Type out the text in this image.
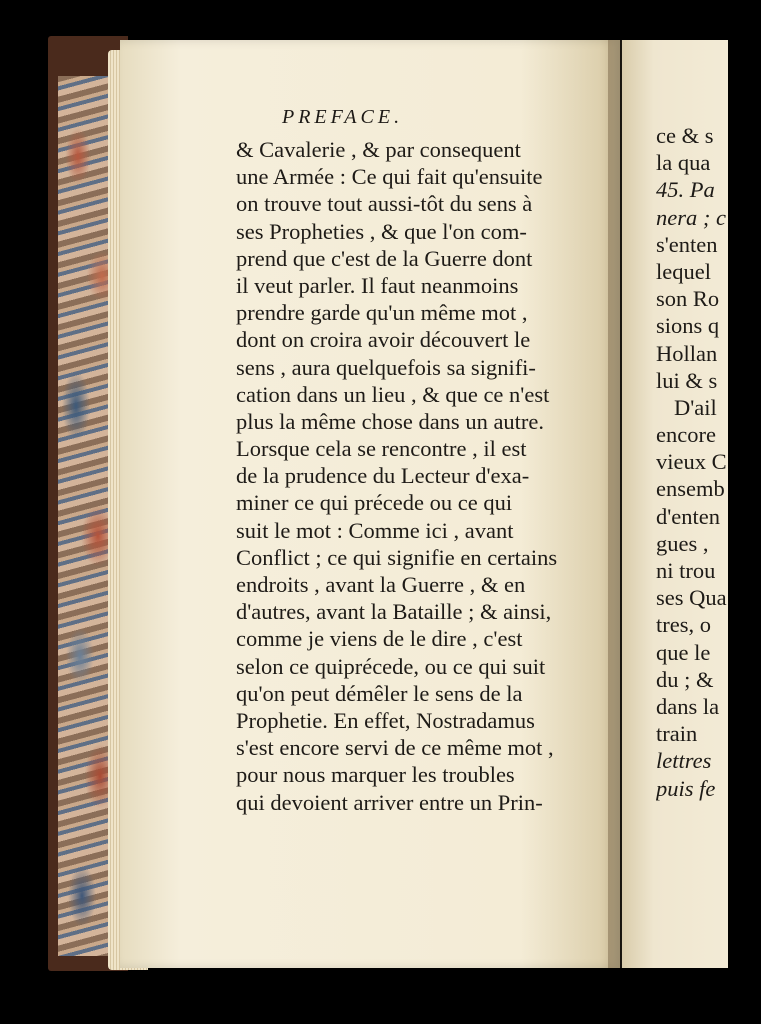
PREFACE.
& Cavalerie , & par consequent
une Armée : Ce qui fait qu'ensuite
on trouve tout aussi-tôt du sens à
ses Propheties , & que l'on com-
prend que c'est de la Guerre dont
il veut parler. Il faut neanmoins
prendre garde qu'un même mot ,
dont on croira avoir découvert le
sens , aura quelquefois sa signifi-
cation dans un lieu , & que ce n'est
plus la même chose dans un autre.
Lorsque cela se rencontre , il est
de la prudence du Lecteur d'exa-
miner ce qui précede ou ce qui
suit le mot : Comme ici , avant
Conflict ; ce qui signifie en certains
endroits , avant la Guerre , & en
d'autres, avant la Bataille ; & ainsi,
comme je viens de le dire , c'est
selon ce quiprécede, ou ce qui suit
qu'on peut démêler le sens de la
Prophetie. En effet, Nostradamus
s'est encore servi de ce même mot ,
pour nous marquer les troubles
qui devoient arriver entre un Prin-
ce & s
la qua
45. Pa
nera ; c
s'enten
lequel
son Ro
sions q
Hollan
lui & s
D'ail
encore
vieux C
ensemb
d'enten
gues ,
ni trou
ses Qua
tres, o
que le
du ; &
dans la
train
lettres
puis fe
